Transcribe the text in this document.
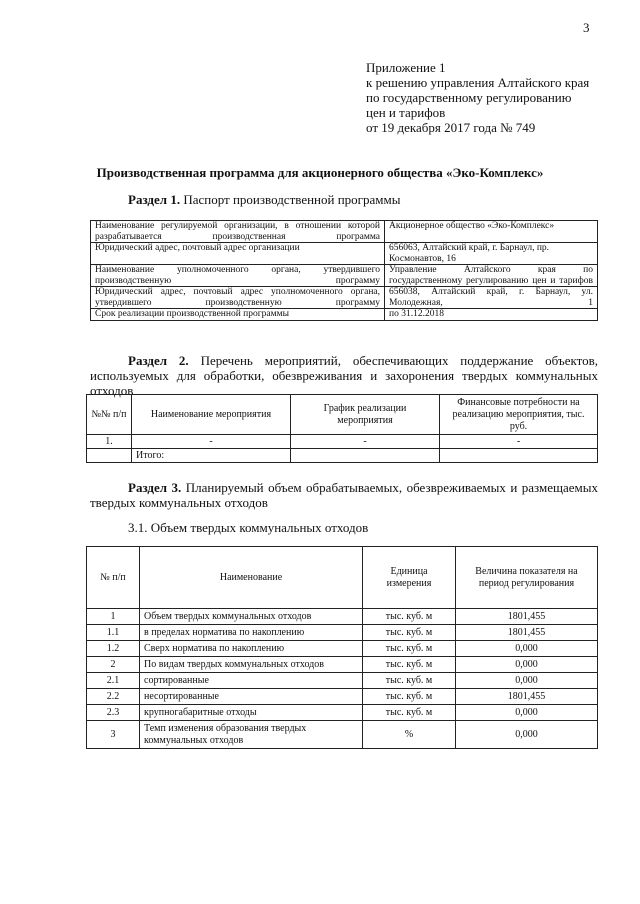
3
Приложение 1
к решению управления Алтайского края
по государственному регулированию
цен и тарифов
от 19 декабря 2017 года № 749
Производственная программа для акционерного общества «Эко-Комплекс»
Раздел 1. Паспорт производственной программы
Наименование регулируемой организации, в отношении которой разрабатывается производственная программа	Акционерное общество «Эко-Комплекс»
Юридический адрес, почтовый адрес организации	656063, Алтайский край, г. Барнаул, пр. Космонавтов, 16
Наименование уполномоченного органа, утвердившего производственную программу	Управление Алтайского края по государственному регулированию цен и тарифов
Юридический адрес, почтовый адрес уполномоченного органа, утвердившего производственную программу	656038, Алтайский край, г. Барнаул, ул. Молодежная, 1
Срок реализации производственной программы	по 31.12.2018
Раздел 2. Перечень мероприятий, обеспечивающих поддержание объектов, используемых для обработки, обезвреживания и захоронения твердых коммунальных отходов
№№ п/п	Наименование мероприятия	График реализации мероприятия	Финансовые потребности на реализацию мероприятия, тыс. руб.
1.	-	-	-
	Итого:		
Раздел 3. Планируемый объем обрабатываемых, обезвреживаемых и размещаемых твердых коммунальных отходов
3.1. Объем твердых коммунальных отходов
№ п/п	Наименование	Единица измерения	Величина показателя на период регулирования
1	Объем твердых коммунальных отходов	тыс. куб. м	1801,455
1.1	в пределах норматива по накоплению	тыс. куб. м	1801,455
1.2	Сверх норматива по накоплению	тыс. куб. м	0,000
2	По видам твердых коммунальных отходов	тыс. куб. м	0,000
2.1	сортированные	тыс. куб. м	0,000
2.2	несортированные	тыс. куб. м	1801,455
2.3	крупногабаритные отходы	тыс. куб. м	0,000
3	Темп изменения образования твердых коммунальных отходов	%	0,000
